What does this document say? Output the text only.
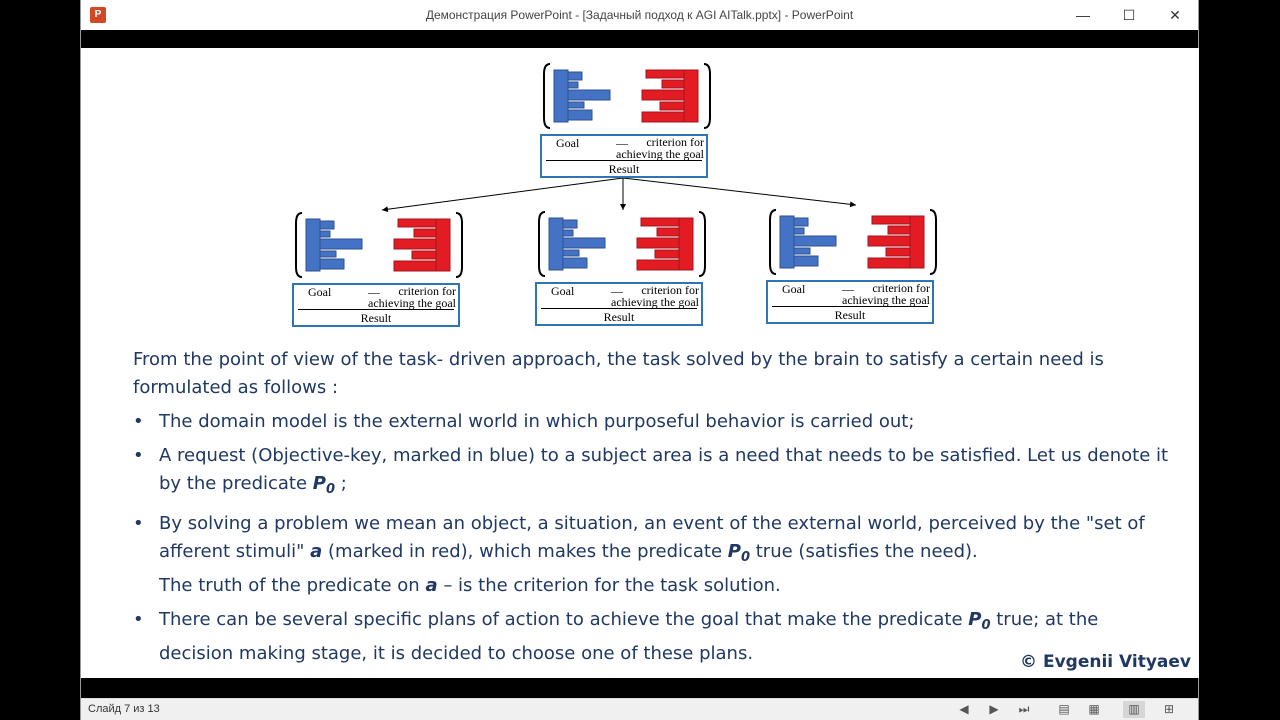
P	Демонстрация PowerPoint - [Задачный подход к AGI AITalk.pptx] - PowerPoint	—	☐	✕
Goal	—	criterion for
achieving the goal
Result
Goal	—	criterion for
achieving the goal
Result
Goal	—	criterion for
achieving the goal
Result
Goal	—	criterion for
achieving the goal
Result

From the point of view of the task- driven approach, the task solved by the brain to satisfy a certain need is formulated as follows :

• The domain model is the external world in which purposeful behavior is carried out;
• A request (Objective-key, marked in blue) to a subject area is a need that needs to be satisfied. Let us denote it by the predicate $P_0$ ;
• By solving a problem we mean an object, a situation, an event of the external world, perceived by the "set of afferent stimuli" a (marked in red), which makes the predicate $P_0$ true (satisfies the need).
The truth of the predicate on a – is the criterion for the task solution.
• There can be several specific plans of action to achieve the goal that make the predicate $P_0$ true; at the decision making stage, it is decided to choose one of these plans.	© Evgenii Vityaev
Слайд 7 из 13	◀	▶	⏭	▤	▦	▥	⊞
